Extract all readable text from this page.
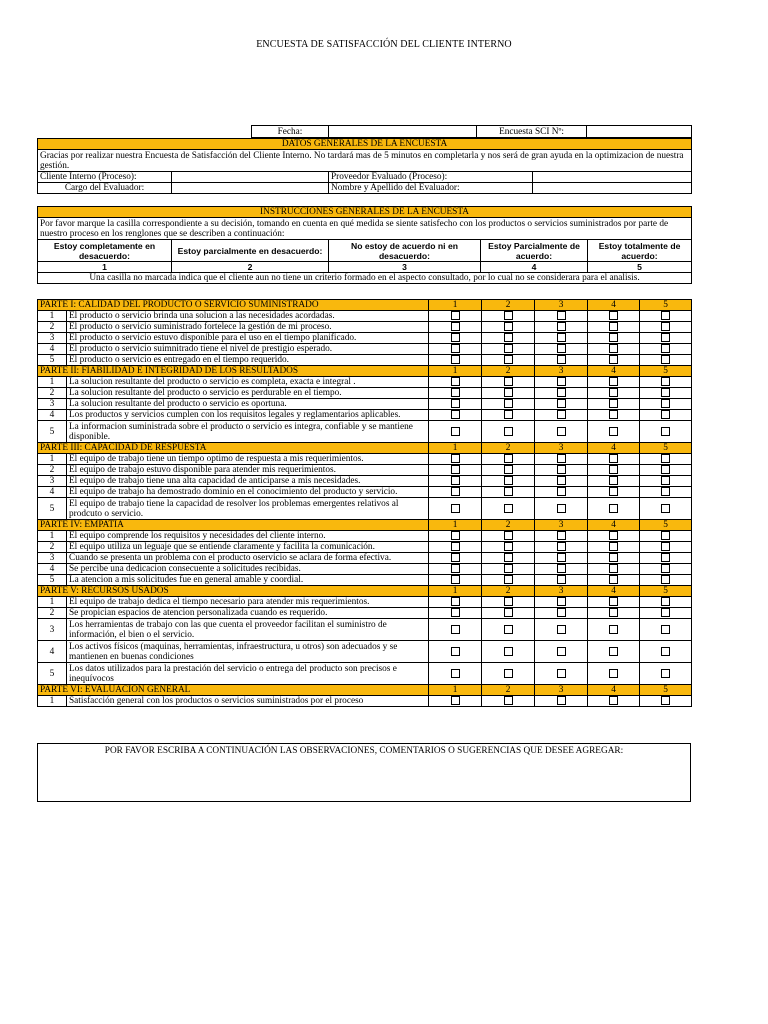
ENCUESTA DE SATISFACCIÓN DEL CLIENTE INTERNO
Fecha:		Encuesta SCI Nº:	
DATOS GENERALES DE LA ENCUESTA			
Gracias por realizar nuestra Encuesta de Satisfacción del Cliente Interno. No tardará mas de 5 minutos en completarla y nos será de gran ayuda en la optimizacion de nuestra gestión.			
Cliente Interno (Proceso):		Proveedor Evaluado (Proceso):	
Cargo del Evaluador:		Nombre y Apellido del Evaluador:	
INSTRUCCIONES GENERALES DE LA ENCUESTA				
Por favor marque la casilla correspondiente a su decisión, tomando en cuenta en qué medida se siente satisfecho con los productos o servicios suministrados por parte de nuestro proceso en los renglones que se describen a continuación:				
Estoy completamente en desacuerdo:	Estoy parcialmente en desacuerdo:	No estoy de acuerdo ni en desacuerdo:	Estoy Parcialmente de acuerdo:	Estoy totalmente de acuerdo:
1	2	3	4	5
Una casilla no marcada indica que el cliente aun no tiene un criterio formado en el aspecto consultado, por lo cual no se considerara para el analisis.				
PARTE I: CALIDAD DEL PRODUCTO O SERVICIO SUMINISTRADO		1	2	3	4	5
1	El producto o servicio brinda una solucion a las necesidades acordadas.					
2	El producto o servicio suministrado fortelece la gestión de mi proceso.					
3	El producto o servicio estuvo disponible para el uso en el tiempo planificado.					
4	El producto o servicio suimnitrado tiene el nivel de prestigio esperado.					
5	El producto o servicio es entregado en el tiempo requerido.					
PARTE II: FIABILIDAD E INTEGRIDAD DE LOS RESULTADOS		1	2	3	4	5
1	La solucion resultante del producto o servicio es completa, exacta e integral .					
2	La solucion resultante del producto o servicio es perdurable en el tiempo.					
3	La solucion resultante del producto o servicio es oportuna.					
4	Los productos y servicios cumplen con los requisitos legales y reglamentarios aplicables.					
5	La informacion suministrada sobre el producto o servicio es integra, confiable y se mantiene disponible.					
PARTE III: CAPACIDAD DE RESPUESTA		1	2	3	4	5
1	El equipo de trabajo tiene un tiempo optimo de respuesta a mis requerimientos.					
2	El equipo de trabajo estuvo disponible para atender mis requerimientos.					
3	El equipo de trabajo tiene una alta capacidad de anticiparse a mis necesidades.					
4	El equipo de trabajo ha demostrado dominio en el conocimiento del producto y servicio.					
5	El equipo de trabajo tiene la capacidad de resolver los problemas emergentes relativos al prodcuto o servicio.					
PARTE IV: EMPATIA		1	2	3	4	5
1	El equipo comprende los requisitos y necesidades del cliente interno.					
2	El equipo utiliza un leguaje que se entiende claramente y facilita la comunicación.					
3	Cuando se presenta un problema con el producto oservicio se aclara de forma efectiva.					
4	Se percibe una dedicacion consecuente a solicitudes recibidas.					
5	La atencion a mis solicitudes fue en general amable y coordial.					
PARTE V: RECURSOS USADOS		1	2	3	4	5
1	El equipo de trabajo dedica el tiempo necesario para atender mis requerimientos.					
2	Se propician espacios de atencion personalizada cuando es requerido.					
3	Los herramientas de trabajo con las que cuenta el proveedor facilitan el suministro de información, el bien o el servicio.					
4	Los activos físicos (maquinas, herramientas, infraestructura, u otros) son adecuados y se mantienen en buenas condiciones					
5	Los datos utilizados para la prestación del servicio o entrega del producto son precisos e inequívocos					
PARTE VI: EVALUACIÓN GENERAL		1	2	3	4	5
1	Satisfacción general con los productos o servicios suministrados por el proceso					
POR FAVOR ESCRIBA A CONTINUACIÓN LAS OBSERVACIONES, COMENTARIOS O SUGERENCIAS QUE DESEE AGREGAR:
